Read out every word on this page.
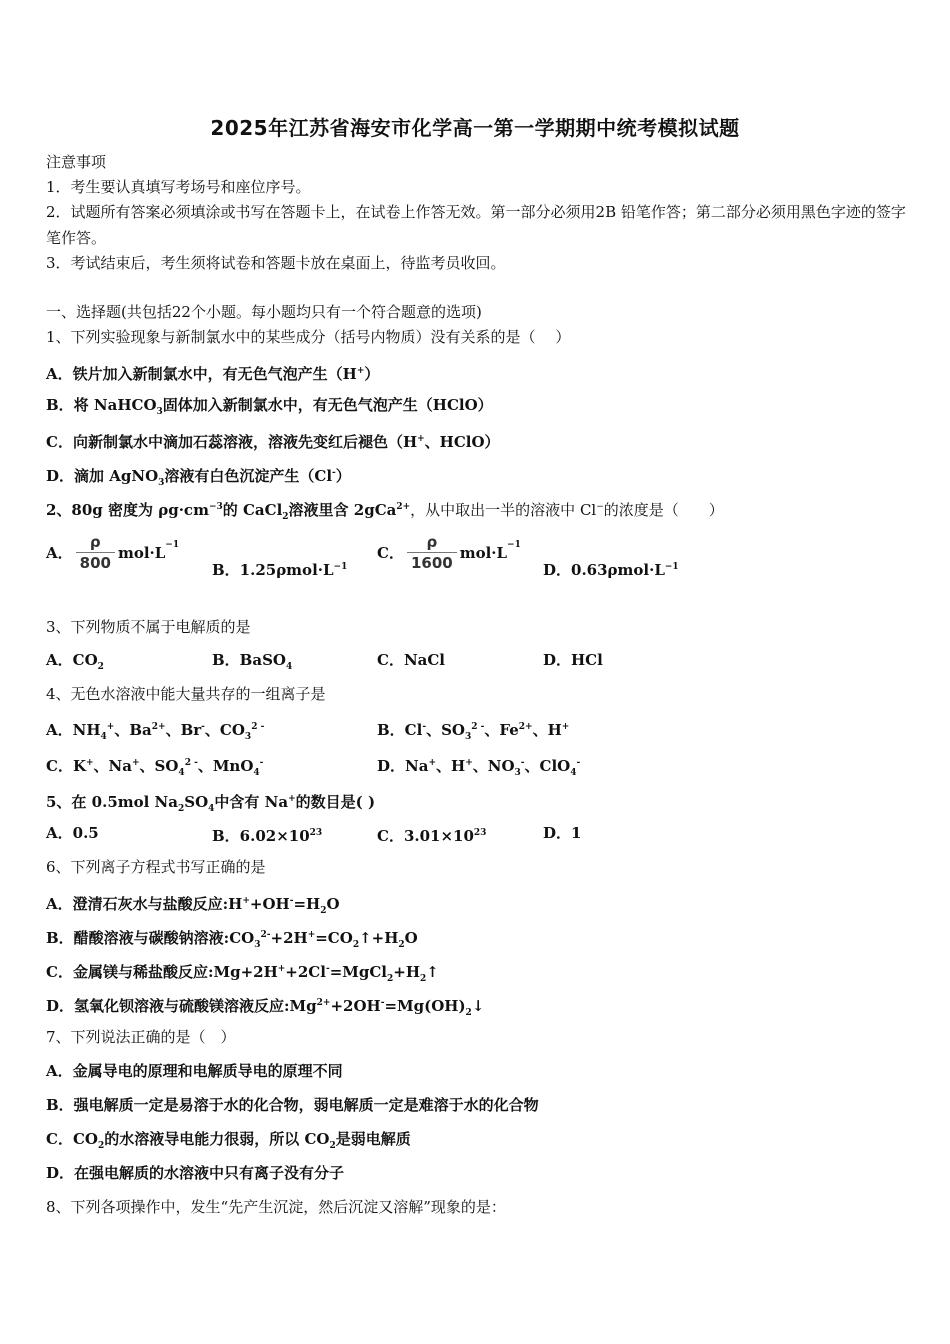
2025年江苏省海安市化学高一第一学期期中统考模拟试题
注意事项
1．考生要认真填写考场号和座位序号。
2．试题所有答案必须填涂或书写在答题卡上，在试卷上作答无效。第一部分必须用2B 铅笔作答；第二部分必须用黑色字迹的签字笔作答。
3．考试结束后，考生须将试卷和答题卡放在桌面上，待监考员收回。
一、选择题(共包括22个小题。每小题均只有一个符合题意的选项)
1、下列实验现象与新制氯水中的某些成分（括号内物质）没有关系的是（　 ）
A．铁片加入新制氯水中，有无色气泡产生（H+）
B．将 NaHCO$_3$固体加入新制氯水中，有无色气泡产生（HClO）
C．向新制氯水中滴加石蕊溶液，溶液先变红后褪色（H+、HClO）
D．滴加 AgNO$_3$溶液有白色沉淀产生（Cl-）
2、80g 密度为 $\rho g\cdot cm^{-3}$的 CaCl$_2$溶液里含 2gCa$^{2+}$，从中取出一半的溶液中 Cl−的浓度是（　　）
A． $\frac{\rho}{800} mol\cdot L^{-1}$
B．$1.25\rho mol\cdot L^{-1}$
C． $\frac{\rho}{1600} mol\cdot L^{-1}$
D．$0.63\rho mol\cdot L^{-1}$
3、下列物质不属于电解质的是
A．$CO_2$	B．BaSO$_4$	C．NaCl	D．HCl
4、无色水溶液中能大量共存的一组离子是
A．$NH_4^+$、$Ba^{2+}$、Br-、$CO_3^{2 -}$	B．Cl-、$SO_3^{2 -}$、$Fe^{2+}$、H+
C．K+、Na+、$SO_4^{2 -}$、MnO$_4$-	D．Na+、H+、$NO_3^-$、ClO$_4$-
5、在 0.5mol $Na_2SO_4$中含有 Na+的数目是( )
A．0.5	B．$6.02\times 10^{23}$	C．$3.01\times 10^{23}$	D．1
6、下列离子方程式书写正确的是
A．澄清石灰水与盐酸反应$:H^++OH^-=H_2O$
B．醋酸溶液与碳酸钠溶液$:CO_3^{2-}+2H^+=CO_2↑+H_2O$
C．金属镁与稀盐酸反应$:Mg+2H^++2Cl^-=MgCl_2+H_2↑$
D．氢氧化钡溶液与硫酸镁溶液反应$:Mg^{2+}+2OH^-=Mg(OH)_2↓$
7、下列说法正确的是（　）
A．金属导电的原理和电解质导电的原理不同
B．强电解质一定是易溶于水的化合物，弱电解质一定是难溶于水的化合物
C．$CO_2$的水溶液导电能力很弱，所以 $CO_2$是弱电解质
D．在强电解质的水溶液中只有离子没有分子
8、下列各项操作中，发生“先产生沉淀，然后沉淀又溶解”现象的是：
